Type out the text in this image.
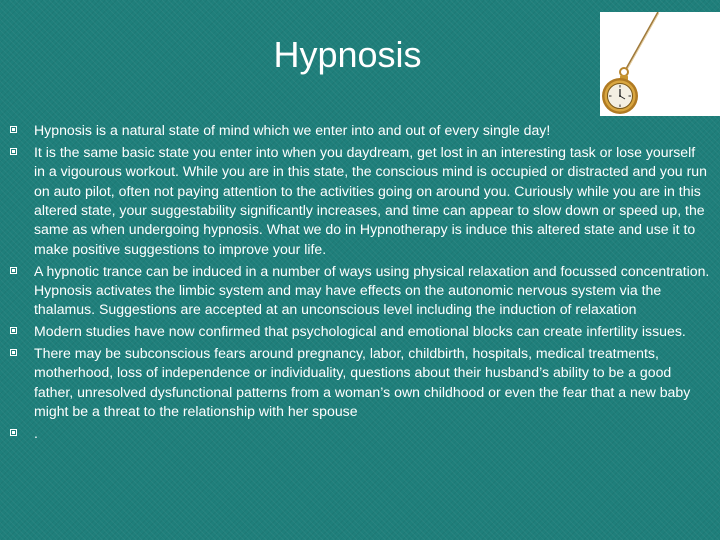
Hypnosis
Hypnosis is a natural state of mind which we enter into and out of every single day!
It is the same basic state you enter into when you daydream, get lost in an interesting task or lose yourself in a vigourous workout. While you are in this state, the conscious mind is occupied or distracted and you run on auto pilot, often not paying attention to the activities going on around you. Curiously while you are in this altered state, your suggestability significantly increases, and time can appear to slow down or speed up, the same as when undergoing hypnosis. What we do in Hypnotherapy is induce this altered state and use it to make positive suggestions to improve your life.
A hypnotic trance can be induced in a number of ways using physical relaxation and focussed concentration. Hypnosis activates the limbic system and may have effects on the autonomic nervous system via the thalamus. Suggestions are accepted at an unconscious level including the induction of relaxation
Modern studies have now confirmed that psychological and emotional blocks can create infertility issues.
There may be subconscious fears around pregnancy, labor, childbirth, hospitals, medical treatments, motherhood, loss of independence or individuality, questions about their husband’s ability to be a good father, unresolved dysfunctional patterns from a woman’s own childhood or even the fear that a new baby might be a threat to the relationship with her spouse
.
